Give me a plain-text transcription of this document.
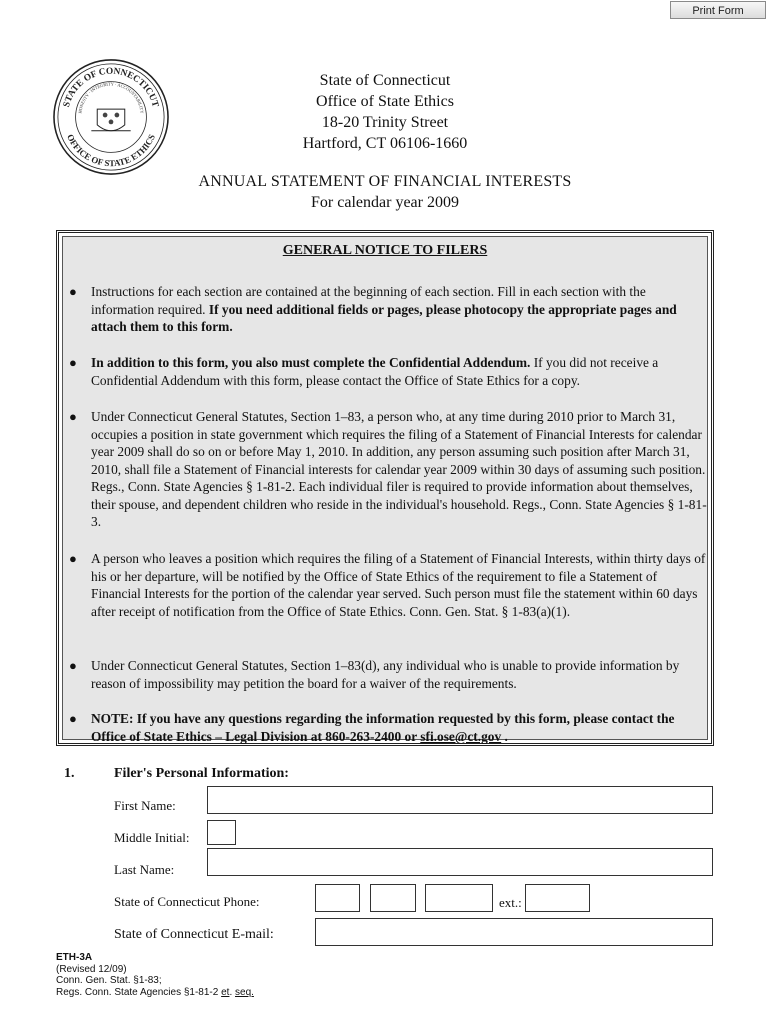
Print Form
STATE OF CONNECTICUT
OFFICE OF STATE ETHICS
HONESTY · INTEGRITY · ACCOUNTABILITY
State of Connecticut
Office of State Ethics
18-20 Trinity Street
Hartford, CT 06106-1660
ANNUAL STATEMENT OF FINANCIAL INTERESTS
For calendar year 2009
GENERAL NOTICE TO FILERS
● Instructions for each section are contained at the beginning of each section. Fill in each section with the information required. If you need additional fields or pages, please photocopy the appropriate pages and attach them to this form.
● In addition to this form, you also must complete the Confidential Addendum. If you did not receive a Confidential Addendum with this form, please contact the Office of State Ethics for a copy.
● Under Connecticut General Statutes, Section 1–83, a person who, at any time during 2010 prior to March 31, occupies a position in state government which requires the filing of a Statement of Financial Interests for calendar year 2009 shall do so on or before May 1, 2010. In addition, any person assuming such position after March 31, 2010, shall file a Statement of Financial interests for calendar year 2009 within 30 days of assuming such position. Regs., Conn. State Agencies § 1-81-2. Each individual filer is required to provide information about themselves, their spouse, and dependent children who reside in the individual's household. Regs., Conn. State Agencies § 1-81-3.
● A person who leaves a position which requires the filing of a Statement of Financial Interests, within thirty days of his or her departure, will be notified by the Office of State Ethics of the requirement to file a Statement of Financial Interests for the portion of the calendar year served. Such person must file the statement within 60 days after receipt of notification from the Office of State Ethics. Conn. Gen. Stat. § 1-83(a)(1).
● Under Connecticut General Statutes, Section 1–83(d), any individual who is unable to provide information by reason of impossibility may petition the board for a waiver of the requirements.
● NOTE: If you have any questions regarding the information requested by this form, please contact the Office of State Ethics – Legal Division at 860-263-2400 or sfi.ose@ct.gov .
1.	Filer's Personal Information:
First Name:
Middle Initial:
Last Name:
State of Connecticut Phone:	ext.:
State of Connecticut E-mail:
ETH-3A
(Revised 12/09)
Conn. Gen. Stat. §1-83;
Regs. Conn. State Agencies §1-81-2 et. seq.
